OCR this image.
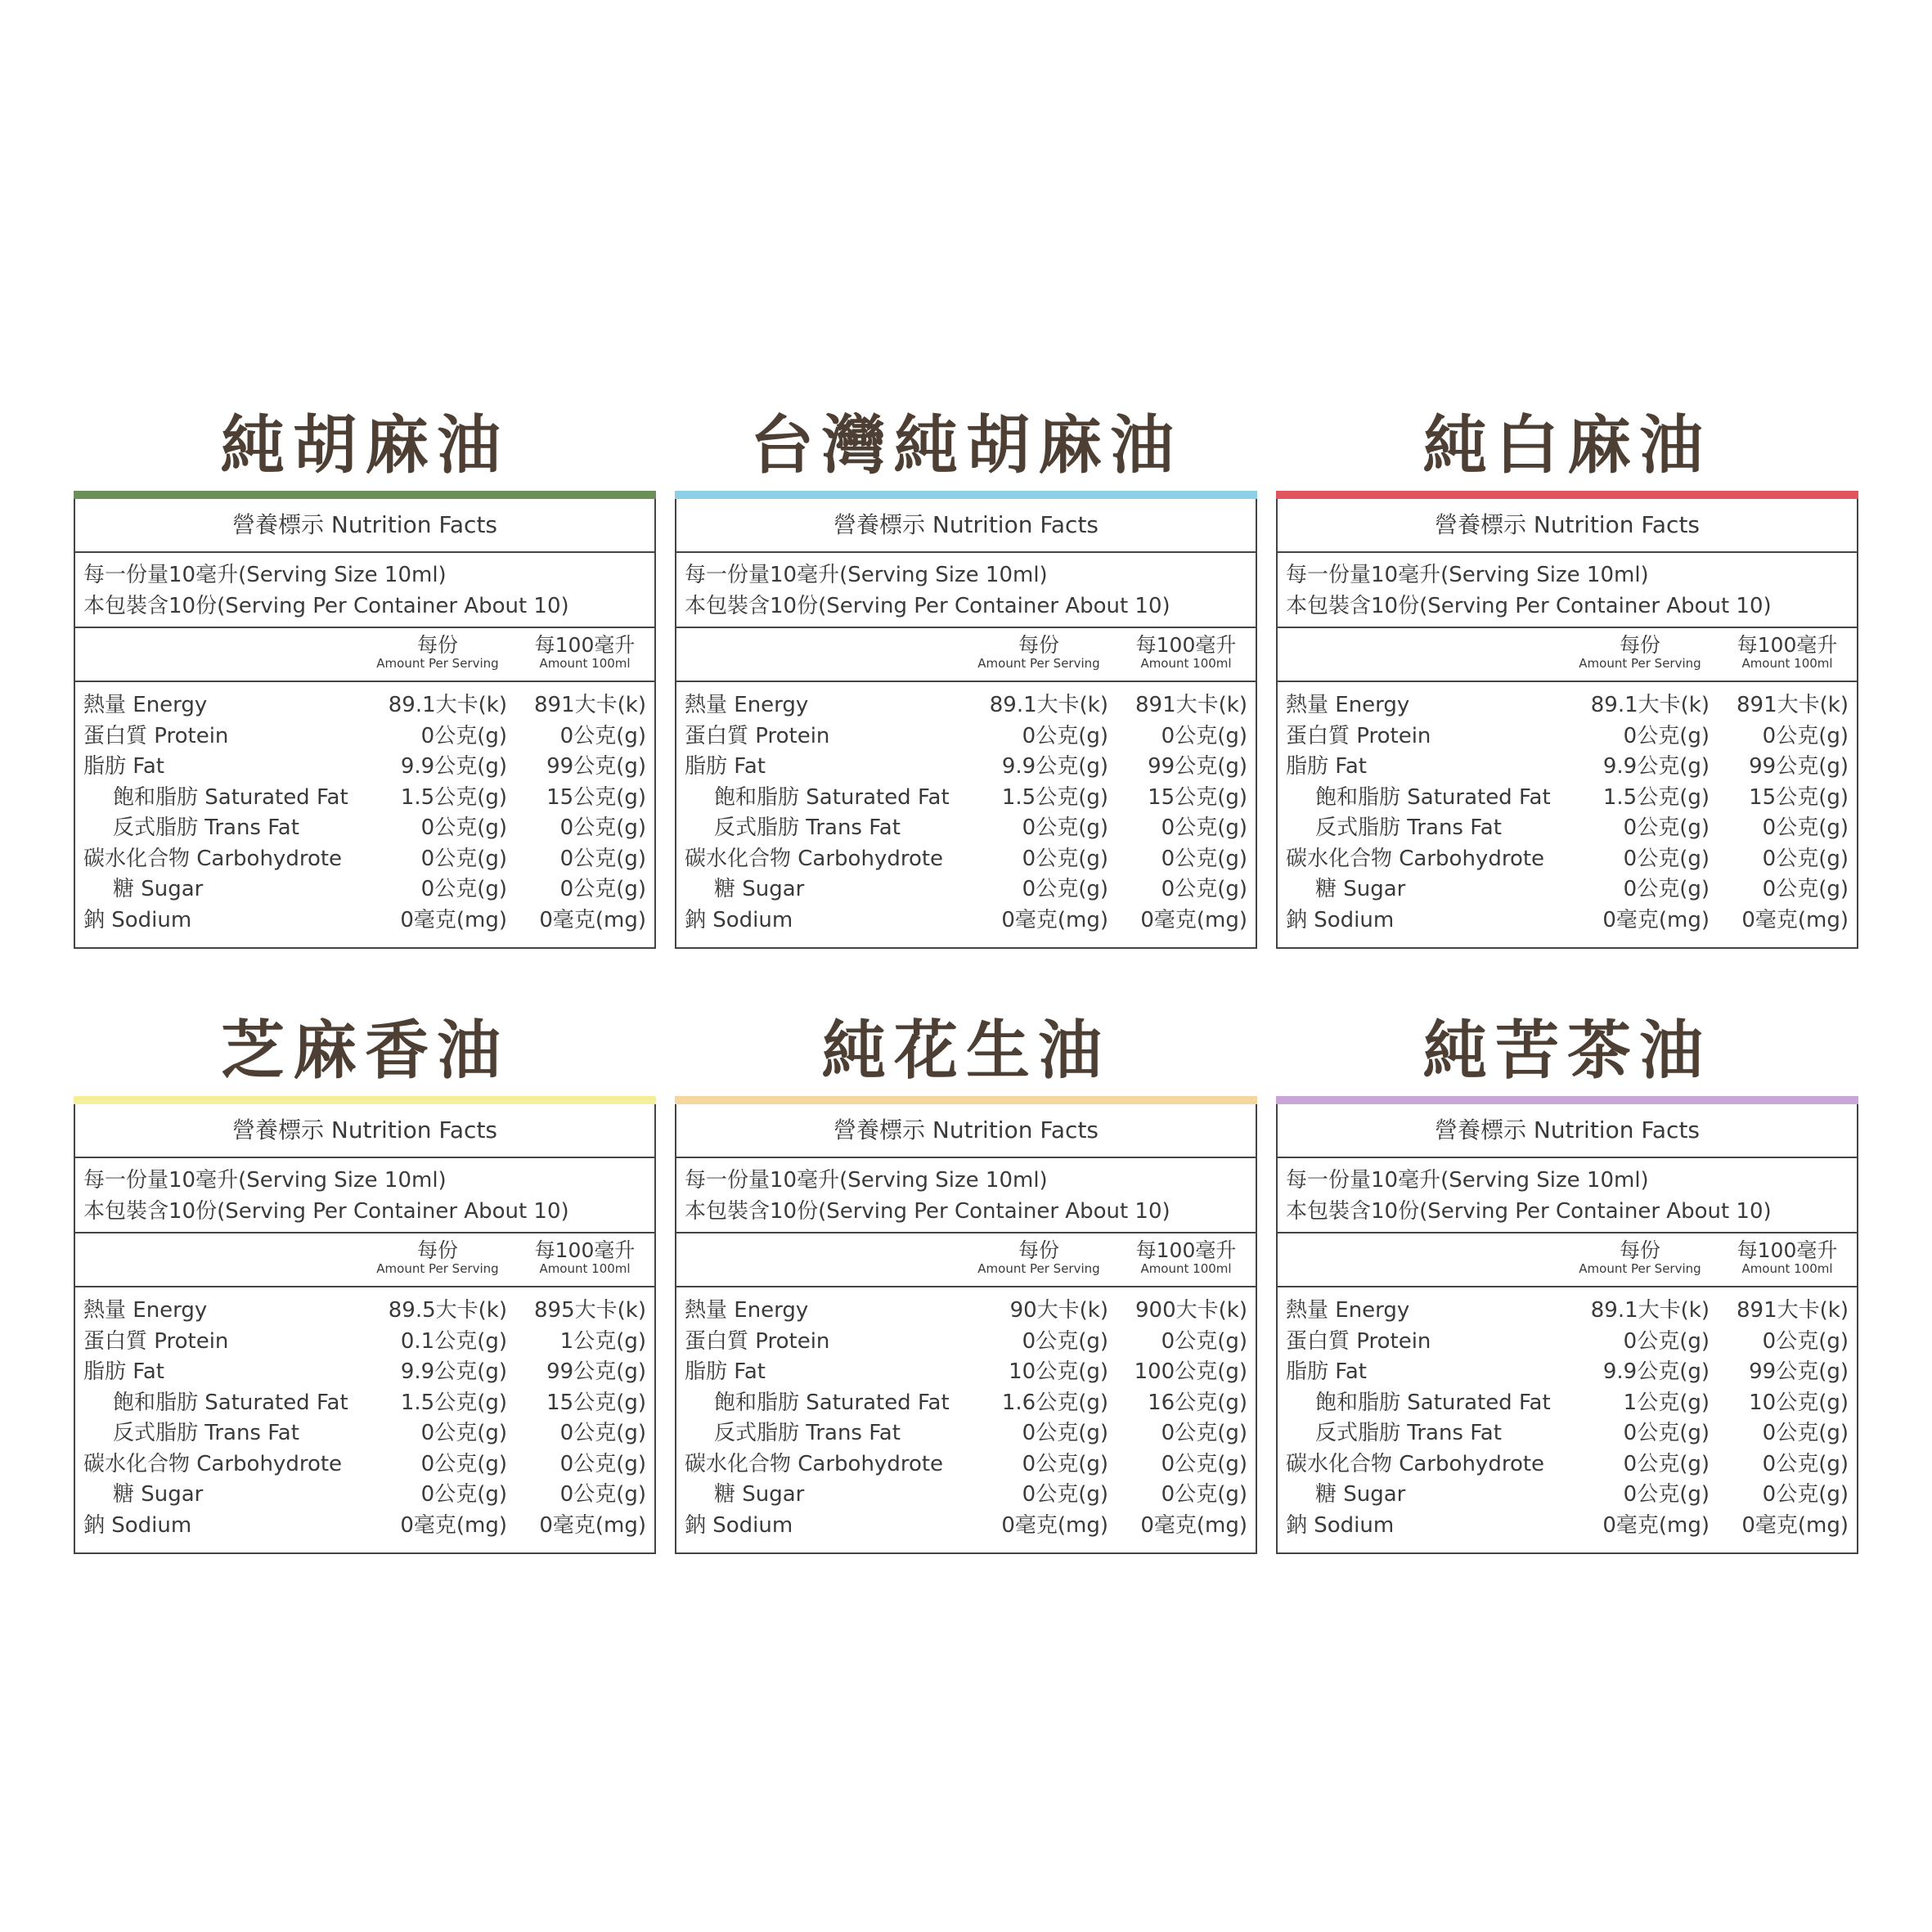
純胡麻油
營養標示 Nutrition Facts
每一份量10毫升(Serving Size 10ml)
本包裝含10份(Serving Per Container About 10)
每份
Amount Per Serving
每100毫升
Amount 100ml
熱量 Energy	89.1大卡(k)	891大卡(k)
蛋白質 Protein	0公克(g)	0公克(g)
脂肪 Fat	9.9公克(g)	99公克(g)
飽和脂肪 Saturated Fat	1.5公克(g)	15公克(g)
反式脂肪 Trans Fat	0公克(g)	0公克(g)
碳水化合物 Carbohydrote	0公克(g)	0公克(g)
糖 Sugar	0公克(g)	0公克(g)
鈉 Sodium	0毫克(mg)	0毫克(mg)
台灣純胡麻油
營養標示 Nutrition Facts
每一份量10毫升(Serving Size 10ml)
本包裝含10份(Serving Per Container About 10)
每份
Amount Per Serving
每100毫升
Amount 100ml
熱量 Energy	89.1大卡(k)	891大卡(k)
蛋白質 Protein	0公克(g)	0公克(g)
脂肪 Fat	9.9公克(g)	99公克(g)
飽和脂肪 Saturated Fat	1.5公克(g)	15公克(g)
反式脂肪 Trans Fat	0公克(g)	0公克(g)
碳水化合物 Carbohydrote	0公克(g)	0公克(g)
糖 Sugar	0公克(g)	0公克(g)
鈉 Sodium	0毫克(mg)	0毫克(mg)
純白麻油
營養標示 Nutrition Facts
每一份量10毫升(Serving Size 10ml)
本包裝含10份(Serving Per Container About 10)
每份
Amount Per Serving
每100毫升
Amount 100ml
熱量 Energy	89.1大卡(k)	891大卡(k)
蛋白質 Protein	0公克(g)	0公克(g)
脂肪 Fat	9.9公克(g)	99公克(g)
飽和脂肪 Saturated Fat	1.5公克(g)	15公克(g)
反式脂肪 Trans Fat	0公克(g)	0公克(g)
碳水化合物 Carbohydrote	0公克(g)	0公克(g)
糖 Sugar	0公克(g)	0公克(g)
鈉 Sodium	0毫克(mg)	0毫克(mg)
芝麻香油
營養標示 Nutrition Facts
每一份量10毫升(Serving Size 10ml)
本包裝含10份(Serving Per Container About 10)
每份
Amount Per Serving
每100毫升
Amount 100ml
熱量 Energy	89.5大卡(k)	895大卡(k)
蛋白質 Protein	0.1公克(g)	1公克(g)
脂肪 Fat	9.9公克(g)	99公克(g)
飽和脂肪 Saturated Fat	1.5公克(g)	15公克(g)
反式脂肪 Trans Fat	0公克(g)	0公克(g)
碳水化合物 Carbohydrote	0公克(g)	0公克(g)
糖 Sugar	0公克(g)	0公克(g)
鈉 Sodium	0毫克(mg)	0毫克(mg)
純花生油
營養標示 Nutrition Facts
每一份量10毫升(Serving Size 10ml)
本包裝含10份(Serving Per Container About 10)
每份
Amount Per Serving
每100毫升
Amount 100ml
熱量 Energy	90大卡(k)	900大卡(k)
蛋白質 Protein	0公克(g)	0公克(g)
脂肪 Fat	10公克(g)	100公克(g)
飽和脂肪 Saturated Fat	1.6公克(g)	16公克(g)
反式脂肪 Trans Fat	0公克(g)	0公克(g)
碳水化合物 Carbohydrote	0公克(g)	0公克(g)
糖 Sugar	0公克(g)	0公克(g)
鈉 Sodium	0毫克(mg)	0毫克(mg)
純苦茶油
營養標示 Nutrition Facts
每一份量10毫升(Serving Size 10ml)
本包裝含10份(Serving Per Container About 10)
每份
Amount Per Serving
每100毫升
Amount 100ml
熱量 Energy	89.1大卡(k)	891大卡(k)
蛋白質 Protein	0公克(g)	0公克(g)
脂肪 Fat	9.9公克(g)	99公克(g)
飽和脂肪 Saturated Fat	1公克(g)	10公克(g)
反式脂肪 Trans Fat	0公克(g)	0公克(g)
碳水化合物 Carbohydrote	0公克(g)	0公克(g)
糖 Sugar	0公克(g)	0公克(g)
鈉 Sodium	0毫克(mg)	0毫克(mg)
